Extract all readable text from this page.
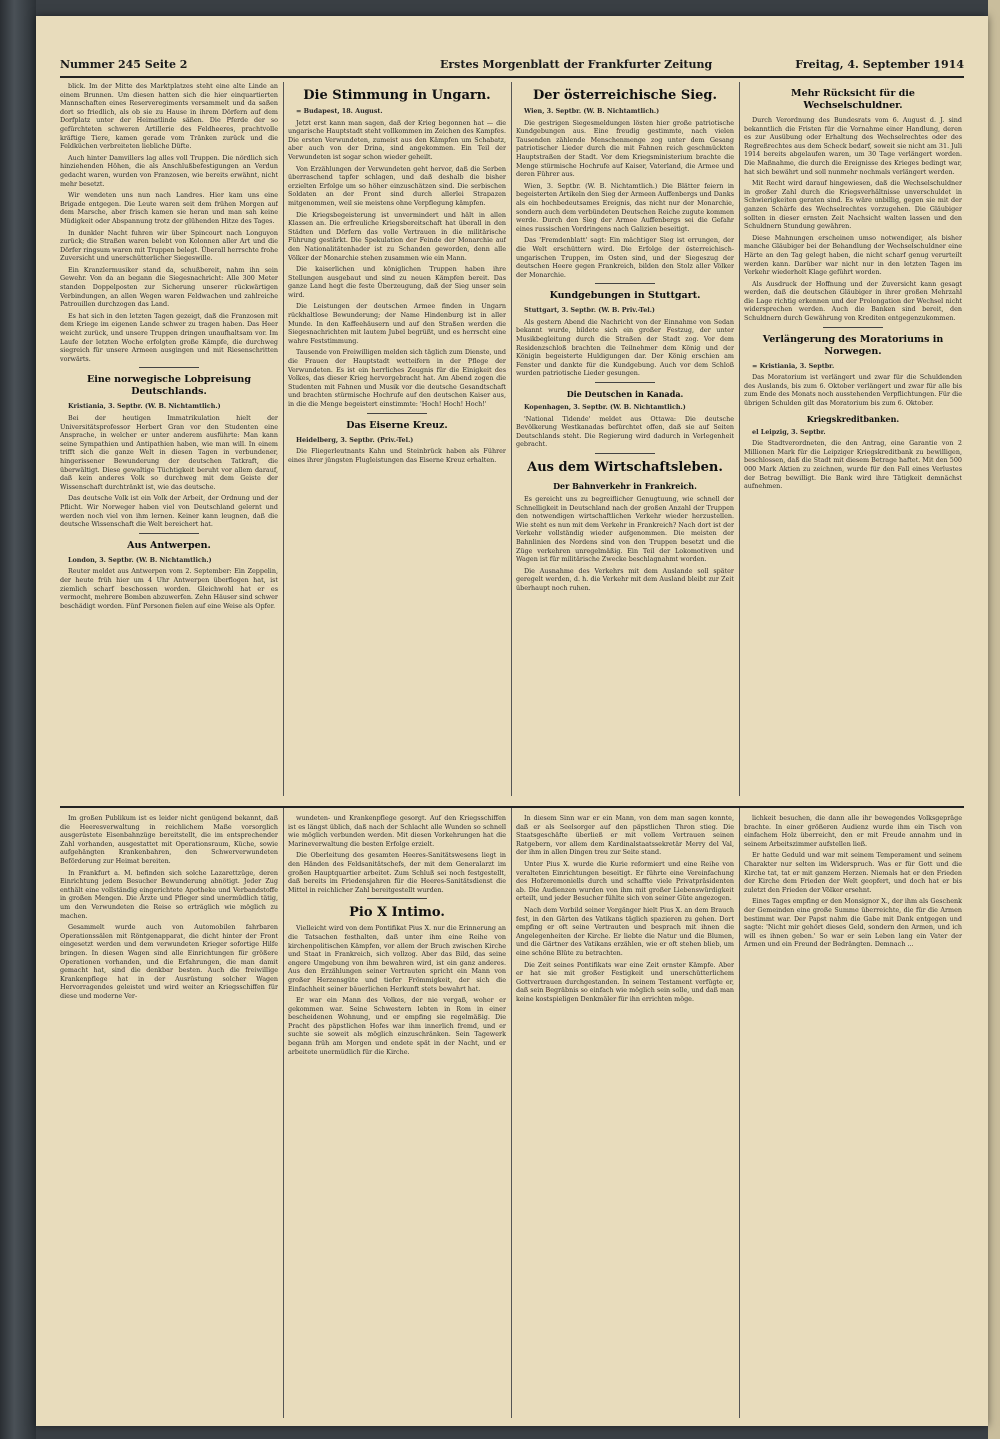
Nummer 245 Seite 2	Erstes Morgenblatt der Frankfurter Zeitung	Freitag, 4. September 1914

blick. Im der Mitte des Marktplatzes steht eine alte Linde an einem Brunnen. Um diesen hatten sich die hier einquartierten Mannschaften eines Reserveregiments versammelt und da saßen dort so friedlich, als ob sie zu Hause in ihrem Dörfern auf dem Dorfplatz unter der Heimatlinde säßen. Die Pferde der so gefürchteten schweren Artillerie des Feldheeres, prachtvolle kräftige Tiere, kamen gerade vom Tränken zurück und die Feldküchen verbreiteten liebliche Düfte.

Auch hinter Damvillers lag alles voll Truppen. Die nördlich sich hinziehenden Höhen, die als Anschlußbefestigungen an Verdun gedacht waren, wurden von Franzosen, wie bereits erwähnt, nicht mehr besetzt.

Wir wendeten uns nun nach Landres. Hier kam uns eine Brigade entgegen. Die Leute waren seit dem frühen Morgen auf dem Marsche, aber frisch kamen sie heran und man sah keine Müdigkeit oder Abspannung trotz der glühenden Hitze des Tages.

In dunkler Nacht fuhren wir über Spincourt nach Longuyon zurück; die Straßen waren belebt von Kolonnen aller Art und die Dörfer ringsum waren mit Truppen belegt. Überall herrschte frohe Zuversicht und unerschütterlicher Siegeswille.

Ein Kranzlermusiker stand da, schußbereit, nahm ihn sein Gewehr. Von da an begann die Siegesnachricht: Alle 300 Meter standen Doppelposten zur Sicherung unserer rückwärtigen Verbindungen, an allen Wegen waren Feldwachen und zahlreiche Patrouillen durchzogen das Land.

Es hat sich in den letzten Tagen gezeigt, daß die Franzosen mit dem Kriege im eigenen Lande schwer zu tragen haben. Das Heer weicht zurück, und unsere Truppen dringen unaufhaltsam vor. Im Laufe der letzten Woche erfolgten große Kämpfe, die durchweg siegreich für unsere Armeen ausgingen und mit Riesenschritten vorwärts.

Eine norwegische Lobpreisung Deutschlands.

Kristiania, 3. Septbr. (W. B. Nichtamtlich.)

Bei der heutigen Immatrikulation hielt der Universitätsprofessor Herbert Gran vor den Studenten eine Ansprache, in welcher er unter anderem ausführte: Man kann seine Sympathien und Antipathien haben, wie man will. In einem trifft sich die ganze Welt in diesen Tagen in verbundener, hingerissener Bewunderung der deutschen Tatkraft, die überwältigt. Diese gewaltige Tüchtigkeit beruht vor allem darauf, daß kein anderes Volk so durchweg mit dem Geiste der Wissenschaft durchtränkt ist, wie das deutsche.

Das deutsche Volk ist ein Volk der Arbeit, der Ordnung und der Pflicht. Wir Norweger haben viel von Deutschland gelernt und werden noch viel von ihm lernen. Keiner kann leugnen, daß die deutsche Wissenschaft die Welt bereichert hat.

Aus Antwerpen.

London, 3. Septbr. (W. B. Nichtamtlich.)

Reuter meldet aus Antwerpen vom 2. September: Ein Zeppelin, der heute früh hier um 4 Uhr Antwerpen überflogen hat, ist ziemlich scharf beschossen worden. Gleichwohl hat er es vermocht, mehrere Bomben abzuwerfen. Zehn Häuser sind schwer beschädigt worden. Fünf Personen fielen auf eine Weise als Opfer.

Die Stimmung in Ungarn.

= Budapest, 18. August.

Jetzt erst kann man sagen, daß der Krieg begonnen hat — die ungarische Hauptstadt steht vollkommen im Zeichen des Kampfes. Die ersten Verwundeten, zumeist aus den Kämpfen um Schabatz, aber auch von der Drina, sind angekommen. Ein Teil der Verwundeten ist sogar schon wieder geheilt.

Von Erzählungen der Verwundeten geht hervor, daß die Serben überraschend tapfer schlagen, und daß deshalb die bisher erzielten Erfolge um so höher einzuschätzen sind. Die serbischen Soldaten an der Front sind durch allerlei Strapazen mitgenommen, weil sie meistens ohne Verpflegung kämpfen.

Die Kriegsbegeisterung ist unvermindert und hält in allen Klassen an. Die erfreuliche Kriegsbereitschaft hat überall in den Städten und Dörfern das volle Vertrauen in die militärische Führung gestärkt. Die Spekulation der Feinde der Monarchie auf den Nationalitätenhader ist zu Schanden geworden, denn alle Völker der Monarchie stehen zusammen wie ein Mann.

Die kaiserlichen und königlichen Truppen haben ihre Stellungen ausgebaut und sind zu neuen Kämpfen bereit. Das ganze Land hegt die feste Überzeugung, daß der Sieg unser sein wird.

Die Leistungen der deutschen Armee finden in Ungarn rückhaltlose Bewunderung; der Name Hindenburg ist in aller Munde. In den Kaffeehäusern und auf den Straßen werden die Siegesnachrichten mit lautem Jubel begrüßt, und es herrscht eine wahre Feststimmung.

Tausende von Freiwilligen melden sich täglich zum Dienste, und die Frauen der Hauptstadt wetteifern in der Pflege der Verwundeten. Es ist ein herrliches Zeugnis für die Einigkeit des Volkes, das dieser Krieg hervorgebracht hat. Am Abend zogen die Studenten mit Fahnen und Musik vor die deutsche Gesandtschaft und brachten stürmische Hochrufe auf den deutschen Kaiser aus, in die die Menge begeistert einstimmte: 'Hoch! Hoch! Hoch!'

Das Eiserne Kreuz.

Heidelberg, 3. Septbr. (Priv.-Tel.)

Die Fliegerleutnants Kahn und Steinbrück haben als Führer eines ihrer jüngsten Flugleistungen das Eiserne Kreuz erhalten.

Der österreichische Sieg.

Wien, 3. Septbr. (W. B. Nichtamtlich.)

Die gestrigen Siegesmeldungen lösten hier große patriotische Kundgebungen aus. Eine freudig gestimmte, nach vielen Tausenden zählende Menschenmenge zog unter dem Gesang patriotischer Lieder durch die mit Fahnen reich geschmückten Hauptstraßen der Stadt. Vor dem Kriegsministerium brachte die Menge stürmische Hochrufe auf Kaiser, Vaterland, die Armee und deren Führer aus.

Wien, 3. Septbr. (W. B. Nichtamtlich.) Die Blätter feiern in begeisterten Artikeln den Sieg der Armeen Auffenbergs und Danks als ein hochbedeutsames Ereignis, das nicht nur der Monarchie, sondern auch dem verbündeten Deutschen Reiche zugute kommen werde. Durch den Sieg der Armee Auffenbergs sei die Gefahr eines russischen Vordringens nach Galizien beseitigt.

Das 'Fremdenblatt' sagt: Ein mächtiger Sieg ist errungen, der die Welt erschüttern wird. Die Erfolge der österreichisch-ungarischen Truppen, im Osten sind, und der Siegeszug der deutschen Heere gegen Frankreich, bilden den Stolz aller Völker der Monarchie.

Kundgebungen in Stuttgart.

Stuttgart, 3. Septbr. (W. B. Priv.-Tel.)

Als gestern Abend die Nachricht von der Einnahme von Sedan bekannt wurde, bildete sich ein großer Festzug, der unter Musikbegleitung durch die Straßen der Stadt zog. Vor dem Residenzschloß brachten die Teilnehmer dem König und der Königin begeisterte Huldigungen dar. Der König erschien am Fenster und dankte für die Kundgebung. Auch vor dem Schloß wurden patriotische Lieder gesungen.

Die Deutschen in Kanada.

Kopenhagen, 3. Septbr. (W. B. Nichtamtlich.)

'National Tidende' meldet aus Ottawa: Die deutsche Bevölkerung Westkanadas befürchtet offen, daß sie auf Seiten Deutschlands steht. Die Regierung wird dadurch in Verlegenheit gebracht.

Aus dem Wirtschaftsleben.
Der Bahnverkehr in Frankreich.

Es gereicht uns zu begreiflicher Genugtuung, wie schnell der Schnelligkeit in Deutschland nach der großen Anzahl der Truppen den notwendigen wirtschaftlichen Verkehr wieder herzustellen. Wie steht es nun mit dem Verkehr in Frankreich? Nach dort ist der Verkehr vollständig wieder aufgenommen. Die meisten der Bahnlinien des Nordens sind von den Truppen besetzt und die Züge verkehren unregelmäßig. Ein Teil der Lokomotiven und Wagen ist für militärische Zwecke beschlagnahmt worden.

Die Ausnahme des Verkehrs mit dem Auslande soll später geregelt werden, d. h. die Verkehr mit dem Ausland bleibt zur Zeit überhaupt noch ruhen.

Mehr Rücksicht für die Wechselschuldner.

Durch Verordnung des Bundesrats vom 6. August d. J. sind bekanntlich die Fristen für die Vornahme einer Handlung, deren es zur Ausübung oder Erhaltung des Wechselrechtes oder des Regreßrechtes aus dem Scheck bedarf, soweit sie nicht am 31. Juli 1914 bereits abgelaufen waren, um 30 Tage verlängert worden. Die Maßnahme, die durch die Ereignisse des Krieges bedingt war, hat sich bewährt und soll nunmehr nochmals verlängert werden.

Mit Recht wird darauf hingewiesen, daß die Wechselschuldner in großer Zahl durch die Kriegsverhältnisse unverschuldet in Schwierigkeiten geraten sind. Es wäre unbillig, gegen sie mit der ganzen Schärfe des Wechselrechtes vorzugehen. Die Gläubiger sollten in dieser ernsten Zeit Nachsicht walten lassen und den Schuldnern Stundung gewähren.

Diese Mahnungen erscheinen umso notwendiger, als bisher manche Gläubiger bei der Behandlung der Wechselschuldner eine Härte an den Tag gelegt haben, die nicht scharf genug verurteilt werden kann. Darüber war nicht nur in den letzten Tagen im Verkehr wiederholt Klage geführt worden.

Als Ausdruck der Hoffnung und der Zuversicht kann gesagt werden, daß die deutschen Gläubiger in ihrer großen Mehrzahl die Lage richtig erkennen und der Prolongation der Wechsel nicht widersprechen werden. Auch die Banken sind bereit, den Schuldnern durch Gewährung von Krediten entgegenzukommen.

Verlängerung des Moratoriums in Norwegen.

= Kristiania, 3. Septbr.

Das Moratorium ist verlängert und zwar für die Schuldenden des Auslands, bis zum 6. Oktober verlängert und zwar für alle bis zum Ende des Monats noch ausstehenden Verpflichtungen. Für die übrigen Schulden gilt das Moratorium bis zum 6. Oktober.

Kriegskreditbanken.

el Leipzig, 3. Septbr.

Die Stadtverordneten, die den Antrag, eine Garantie von 2 Millionen Mark für die Leipziger Kriegskreditbank zu bewilligen, beschlossen, daß die Stadt mit diesem Betrage haftet. Mit den 500 000 Mark Aktien zu zeichnen, wurde für den Fall eines Verlustes der Betrag bewilligt. Die Bank wird ihre Tätigkeit demnächst aufnehmen.

Im großen Publikum ist es leider nicht genügend bekannt, daß die Heeresverwaltung in reichlichem Maße vorsorglich ausgerüstete Eisenbahnzüge bereitstellt, die im entsprechender Zahl vorhanden, ausgestattet mit Operationsraum, Küche, sowie aufgehängten Krankenbahren, den Schwerverwundeten Beförderung zur Heimat bereiten.

In Frankfurt a. M. befinden sich solche Lazarettzüge, deren Einrichtung jedem Besucher Bewunderung abnötigt. Jeder Zug enthält eine vollständig eingerichtete Apotheke und Verbandstoffe in großen Mengen. Die Ärzte und Pfleger sind unermüdlich tätig, um den Verwundeten die Reise so erträglich wie möglich zu machen.

Gesammelt wurde auch von Automobilen fahrbaren Operationssälen mit Röntgenapparat, die dicht hinter der Front eingesetzt werden und dem verwundeten Krieger sofortige Hilfe bringen. In diesen Wagen sind alle Einrichtungen für größere Operationen vorhanden, und die Erfahrungen, die man damit gemacht hat, sind die denkbar besten. Auch die freiwillige Krankenpflege hat in der Ausrüstung solcher Wagen Hervorragendes geleistet und wird weiter an Kriegsschiffen für diese und moderne Ver-

wundeten- und Krankenpflege gesorgt. Auf den Kriegsschiffen ist es längst üblich, daß nach der Schlacht alle Wunden so schnell wie möglich verbunden werden. Mit diesen Vorkehrungen hat die Marineverwaltung die besten Erfolge erzielt.

Die Oberleitung des gesamten Heeres-Sanitätswesens liegt in den Händen des Feldsanitätschefs, der mit dem Generalarzt im großen Hauptquartier arbeitet. Zum Schluß sei noch festgestellt, daß bereits im Friedensjahren für die Heeres-Sanitätsdienst die Mittel in reichlicher Zahl bereitgestellt wurden.

Pio X Intimo.

Vielleicht wird von dem Pontifikat Pius X. nur die Erinnerung an die Tatsachen festhalten, daß unter ihm eine Reihe von kirchenpolitischen Kämpfen, vor allem der Bruch zwischen Kirche und Staat in Frankreich, sich vollzog. Aber das Bild, das seine engere Umgebung von ihm bewahren wird, ist ein ganz anderes. Aus den Erzählungen seiner Vertrauten spricht ein Mann von großer Herzensgüte und tiefer Frömmigkeit, der sich die Einfachheit seiner bäuerlichen Herkunft stets bewahrt hat.

Er war ein Mann des Volkes, der nie vergaß, woher er gekommen war. Seine Schwestern lebten in Rom in einer bescheidenen Wohnung, und er empfing sie regelmäßig. Die Pracht des päpstlichen Hofes war ihm innerlich fremd, und er suchte sie soweit als möglich einzuschränken. Sein Tagewerk begann früh am Morgen und endete spät in der Nacht, und er arbeitete unermüdlich für die Kirche.

In diesem Sinn war er ein Mann, von dem man sagen konnte, daß er als Seelsorger auf den päpstlichen Thron stieg. Die Staatsgeschäfte überließ er mit vollem Vertrauen seinen Ratgebern, vor allem dem Kardinalstaatssekretär Merry del Val, der ihm in allen Dingen treu zur Seite stand.

Unter Pius X. wurde die Kurie reformiert und eine Reihe von veralteten Einrichtungen beseitigt. Er führte eine Vereinfachung des Hofzeremoniells durch und schaffte viele Privatpräsidenten ab. Die Audienzen wurden von ihm mit großer Liebenswürdigkeit erteilt, und jeder Besucher fühlte sich von seiner Güte angezogen.

Nach dem Vorbild seiner Vorgänger hielt Pius X. an dem Brauch fest, in den Gärten des Vatikans täglich spazieren zu gehen. Dort empfing er oft seine Vertrauten und besprach mit ihnen die Angelegenheiten der Kirche. Er liebte die Natur und die Blumen, und die Gärtner des Vatikans erzählen, wie er oft stehen blieb, um eine schöne Blüte zu betrachten.

Die Zeit seines Pontifikats war eine Zeit ernster Kämpfe. Aber er hat sie mit großer Festigkeit und unerschütterlichem Gottvertrauen durchgestanden. In seinem Testament verfügte er, daß sein Begräbnis so einfach wie möglich sein solle, und daß man keine kostspieligen Denkmäler für ihn errichten möge.

lichkeit besuchen, die dann alle ihr bewegendes Volksgepräge brachte. In einer größeren Audienz wurde ihm ein Tisch von einfachem Holz überreicht, den er mit Freude annahm und in seinem Arbeitszimmer aufstellen ließ.

Er hatte Geduld und war mit seinem Temperament und seinem Charakter nur selten im Widerspruch. Was er für Gott und die Kirche tat, tat er mit ganzem Herzen. Niemals hat er den Frieden der Kirche dem Frieden der Welt geopfert, und doch hat er bis zuletzt den Frieden der Völker ersehnt.

Eines Tages empfing er den Monsignor X., der ihm als Geschenk der Gemeinden eine große Summe überreichte, die für die Armen bestimmt war. Der Papst nahm die Gabe mit Dank entgegen und sagte: 'Nicht mir gehört dieses Geld, sondern den Armen, und ich will es ihnen geben.' So war er sein Leben lang ein Vater der Armen und ein Freund der Bedrängten. Demnach ...
